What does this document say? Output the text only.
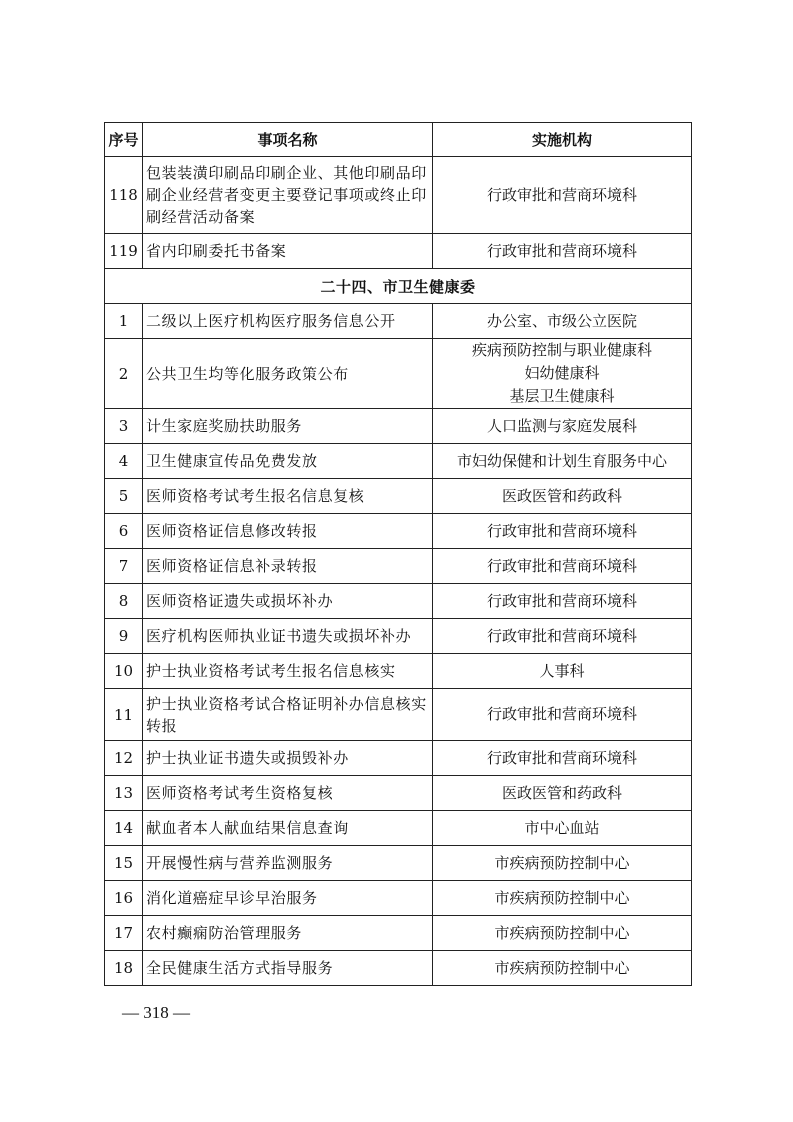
序号	事项名称	实施机构
118	包装装潢印刷品印刷企业、其他印刷品印刷企业经营者变更主要登记事项或终止印刷经营活动备案	行政审批和营商环境科

119	省内印刷委托书备案	行政审批和营商环境科

二十四、市卫生健康委		
1	二级以上医疗机构医疗服务信息公开	办公室、市级公立医院

2	公共卫生均等化服务政策公布	疾病预防控制与职业健康科
妇幼健康科
基层卫生健康科

3	计生家庭奖励扶助服务	人口监测与家庭发展科

4	卫生健康宣传品免费发放	市妇幼保健和计划生育服务中心

5	医师资格考试考生报名信息复核	医政医管和药政科

6	医师资格证信息修改转报	行政审批和营商环境科

7	医师资格证信息补录转报	行政审批和营商环境科

8	医师资格证遗失或损坏补办	行政审批和营商环境科

9	医疗机构医师执业证书遗失或损坏补办	行政审批和营商环境科

10	护士执业资格考试考生报名信息核实	人事科

11	护士执业资格考试合格证明补办信息核实转报	行政审批和营商环境科

12	护士执业证书遗失或损毁补办	行政审批和营商环境科

13	医师资格考试考生资格复核	医政医管和药政科

14	献血者本人献血结果信息查询	市中心血站

15	开展慢性病与营养监测服务	市疾病预防控制中心

16	消化道癌症早诊早治服务	市疾病预防控制中心

17	农村癫痫防治管理服务	市疾病预防控制中心

18	全民健康生活方式指导服务	市疾病预防控制中心
— 318 —
